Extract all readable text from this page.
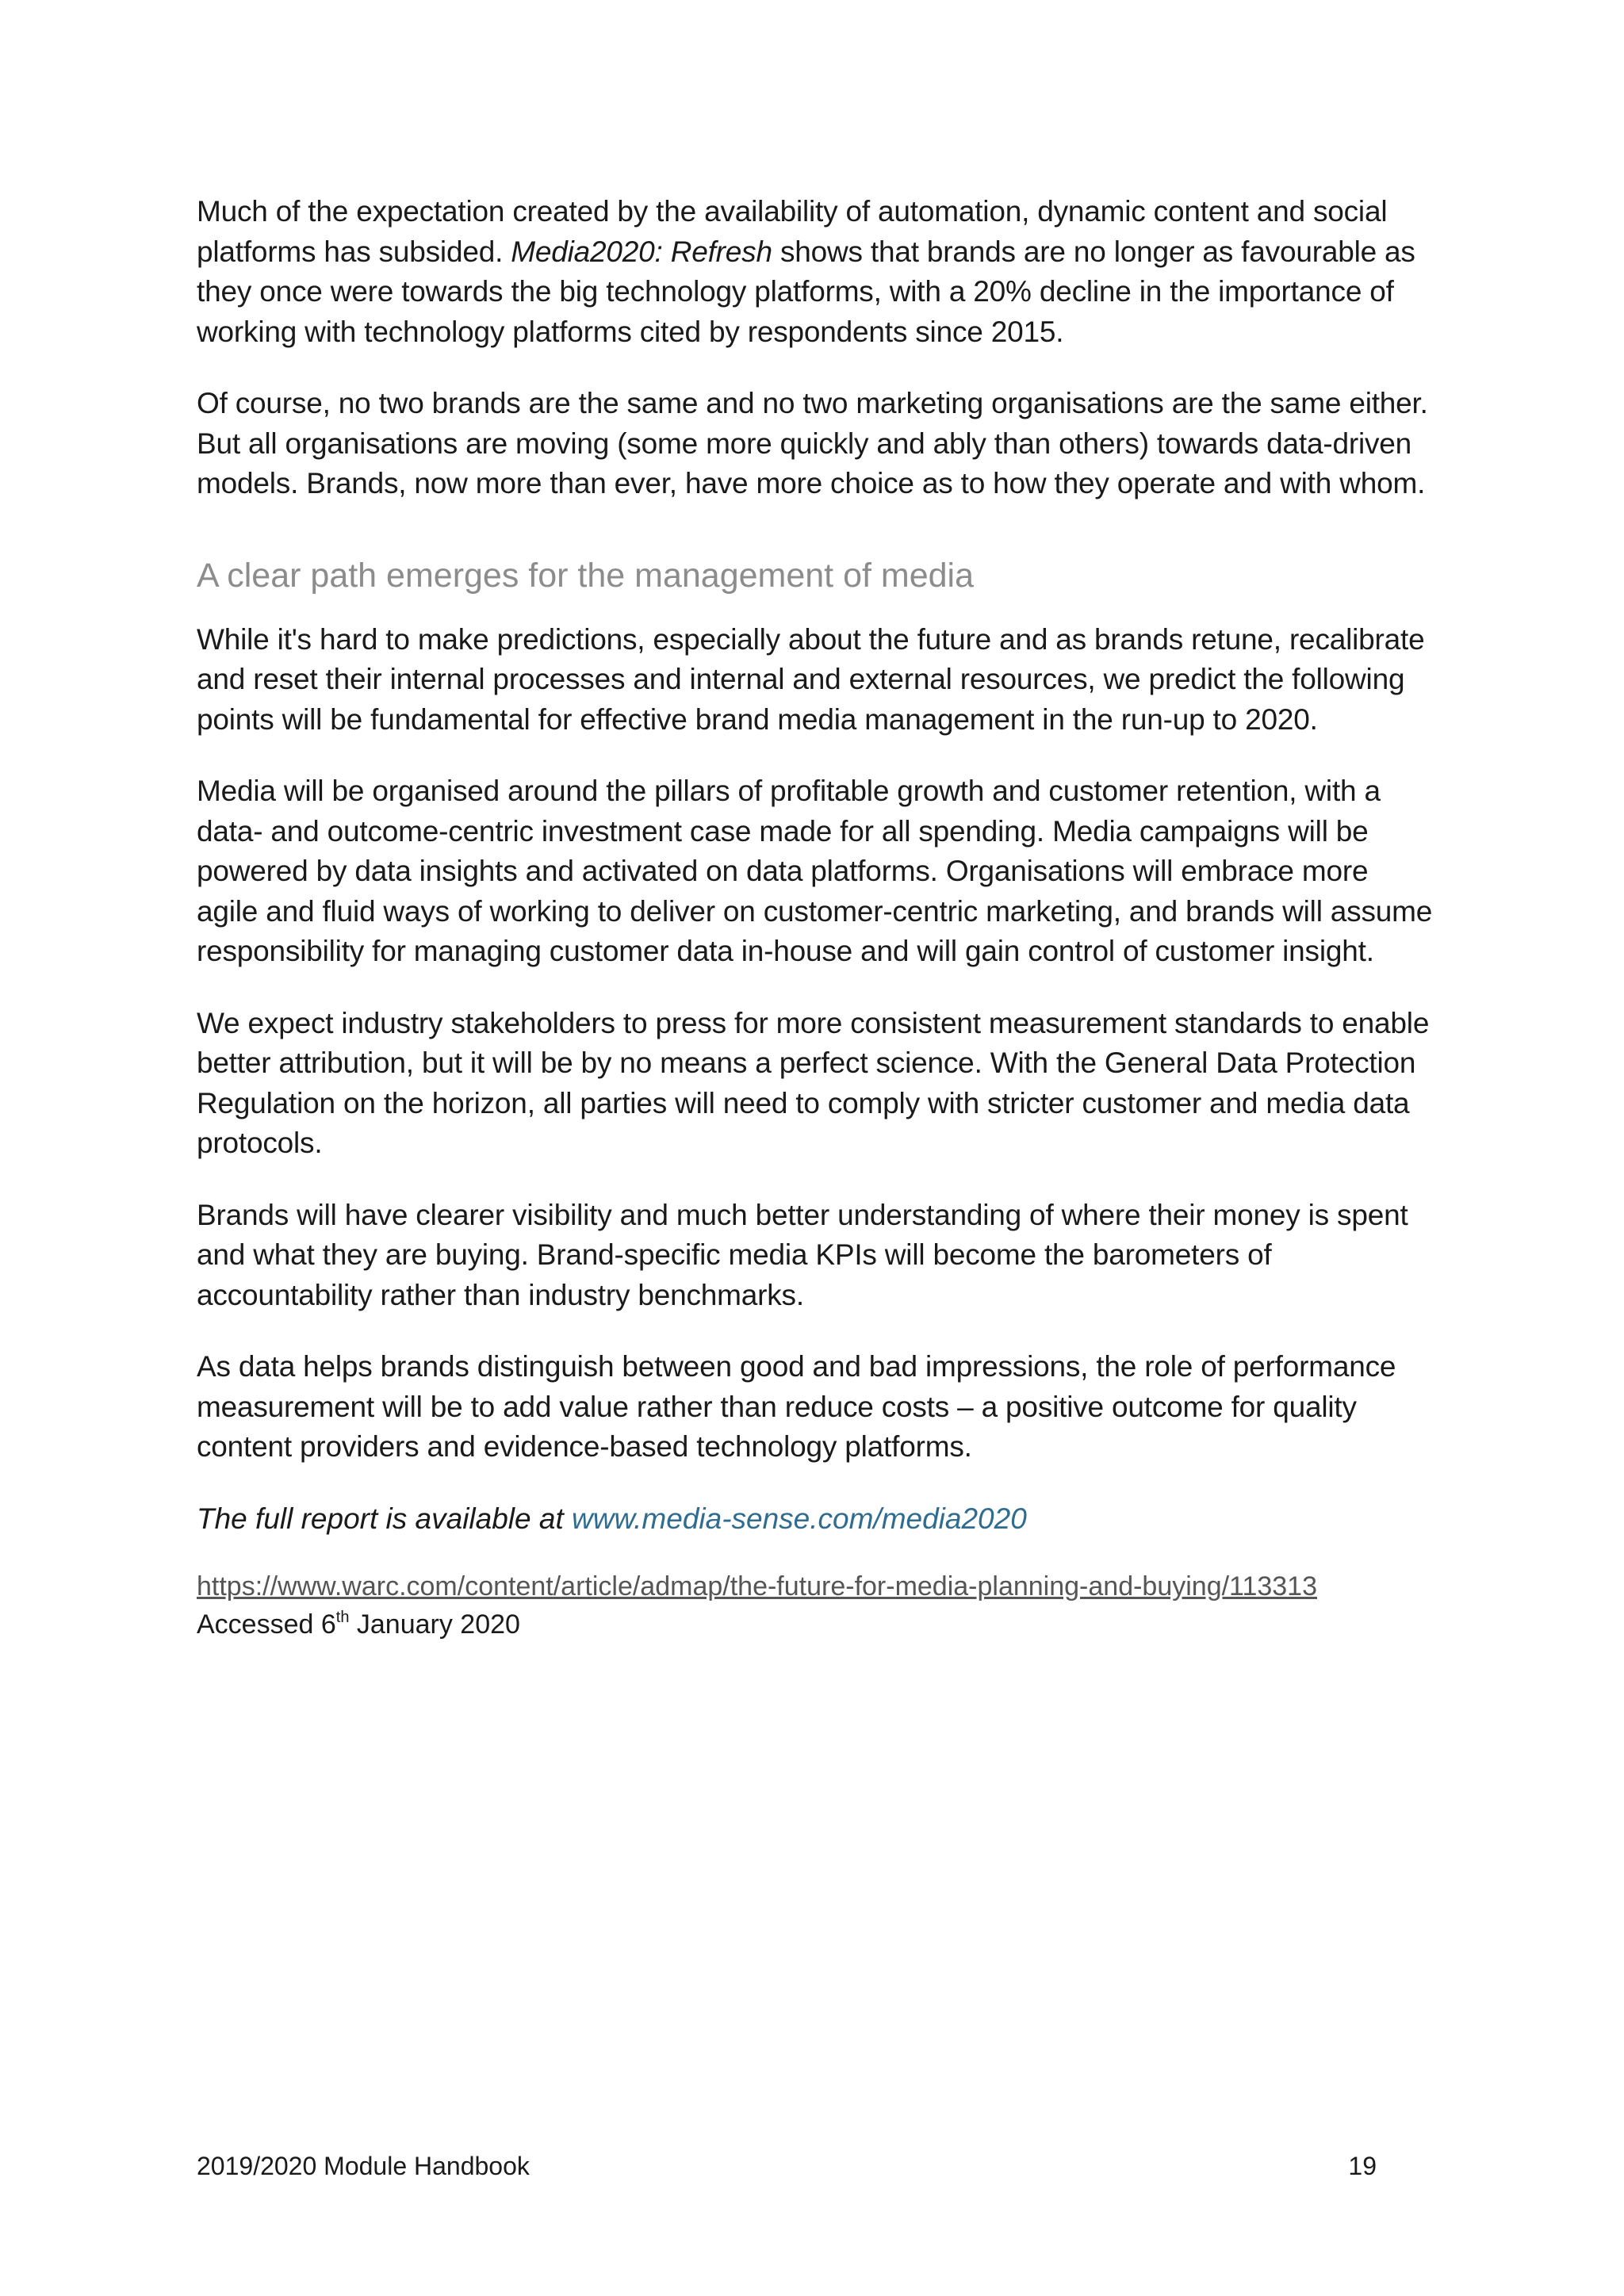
Much of the expectation created by the availability of automation, dynamic content and social platforms has subsided. Media2020: Refresh shows that brands are no longer as favourable as they once were towards the big technology platforms, with a 20% decline in the importance of working with technology platforms cited by respondents since 2015.

Of course, no two brands are the same and no two marketing organisations are the same either. But all organisations are moving (some more quickly and ably than others) towards data-driven models. Brands, now more than ever, have more choice as to how they operate and with whom.

A clear path emerges for the management of media

While it's hard to make predictions, especially about the future and as brands retune, recalibrate and reset their internal processes and internal and external resources, we predict the following points will be fundamental for effective brand media management in the run-up to 2020.

Media will be organised around the pillars of profitable growth and customer retention, with a data- and outcome-centric investment case made for all spending. Media campaigns will be powered by data insights and activated on data platforms. Organisations will embrace more agile and fluid ways of working to deliver on customer-centric marketing, and brands will assume responsibility for managing customer data in-house and will gain control of customer insight.

We expect industry stakeholders to press for more consistent measurement standards to enable better attribution, but it will be by no means a perfect science. With the General Data Protection Regulation on the horizon, all parties will need to comply with stricter customer and media data protocols.

Brands will have clearer visibility and much better understanding of where their money is spent and what they are buying. Brand-specific media KPIs will become the barometers of accountability rather than industry benchmarks.

As data helps brands distinguish between good and bad impressions, the role of performance measurement will be to add value rather than reduce costs – a positive outcome for quality content providers and evidence-based technology platforms.

The full report is available at www.media-sense.com/media2020

https://www.warc.com/content/article/admap/the-future-for-media-planning-and-buying/113313

Accessed 6th January 2020

2019/2020 Module Handbook	19
